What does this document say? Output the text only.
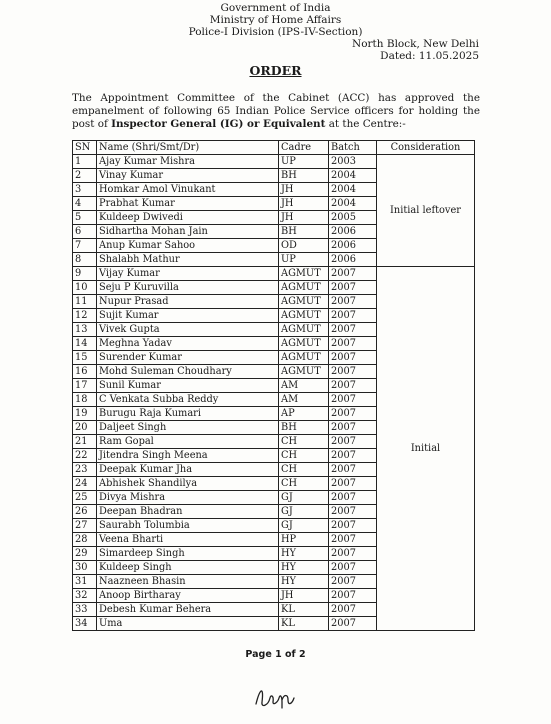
Government of India
Ministry of Home Affairs
Police-I Division (IPS-IV-Section)
North Block, New Delhi
Dated: 11.05.2025
ORDER
The Appointment Committee of the Cabinet (ACC) has approved the empanelment of following 65 Indian Police Service officers for holding the post of Inspector General (IG) or Equivalent at the Centre:-
SN	Name (Shri/Smt/Dr)	Cadre	Batch	Consideration
1	Ajay Kumar Mishra	UP	2003	Initial leftover
2	Vinay Kumar	BH	2004	
3	Homkar Amol Vinukant	JH	2004	
4	Prabhat Kumar	JH	2004	
5	Kuldeep Dwivedi	JH	2005	
6	Sidhartha Mohan Jain	BH	2006	
7	Anup Kumar Sahoo	OD	2006	
8	Shalabh Mathur	UP	2006	
9	Vijay Kumar	AGMUT	2007	Initial
10	Seju P Kuruvilla	AGMUT	2007	
11	Nupur Prasad	AGMUT	2007	
12	Sujit Kumar	AGMUT	2007	
13	Vivek Gupta	AGMUT	2007	
14	Meghna Yadav	AGMUT	2007	
15	Surender Kumar	AGMUT	2007	
16	Mohd Suleman Choudhary	AGMUT	2007	
17	Sunil Kumar	AM	2007	
18	C Venkata Subba Reddy	AM	2007	
19	Burugu Raja Kumari	AP	2007	
20	Daljeet Singh	BH	2007	
21	Ram Gopal	CH	2007	
22	Jitendra Singh Meena	CH	2007	
23	Deepak Kumar Jha	CH	2007	
24	Abhishek Shandilya	CH	2007	
25	Divya Mishra	GJ	2007	
26	Deepan Bhadran	GJ	2007	
27	Saurabh Tolumbia	GJ	2007	
28	Veena Bharti	HP	2007	
29	Simardeep Singh	HY	2007	
30	Kuldeep Singh	HY	2007	
31	Naazneen Bhasin	HY	2007	
32	Anoop Birtharay	JH	2007	
33	Debesh Kumar Behera	KL	2007	
34	Uma	KL	2007	
Page 1 of 2
